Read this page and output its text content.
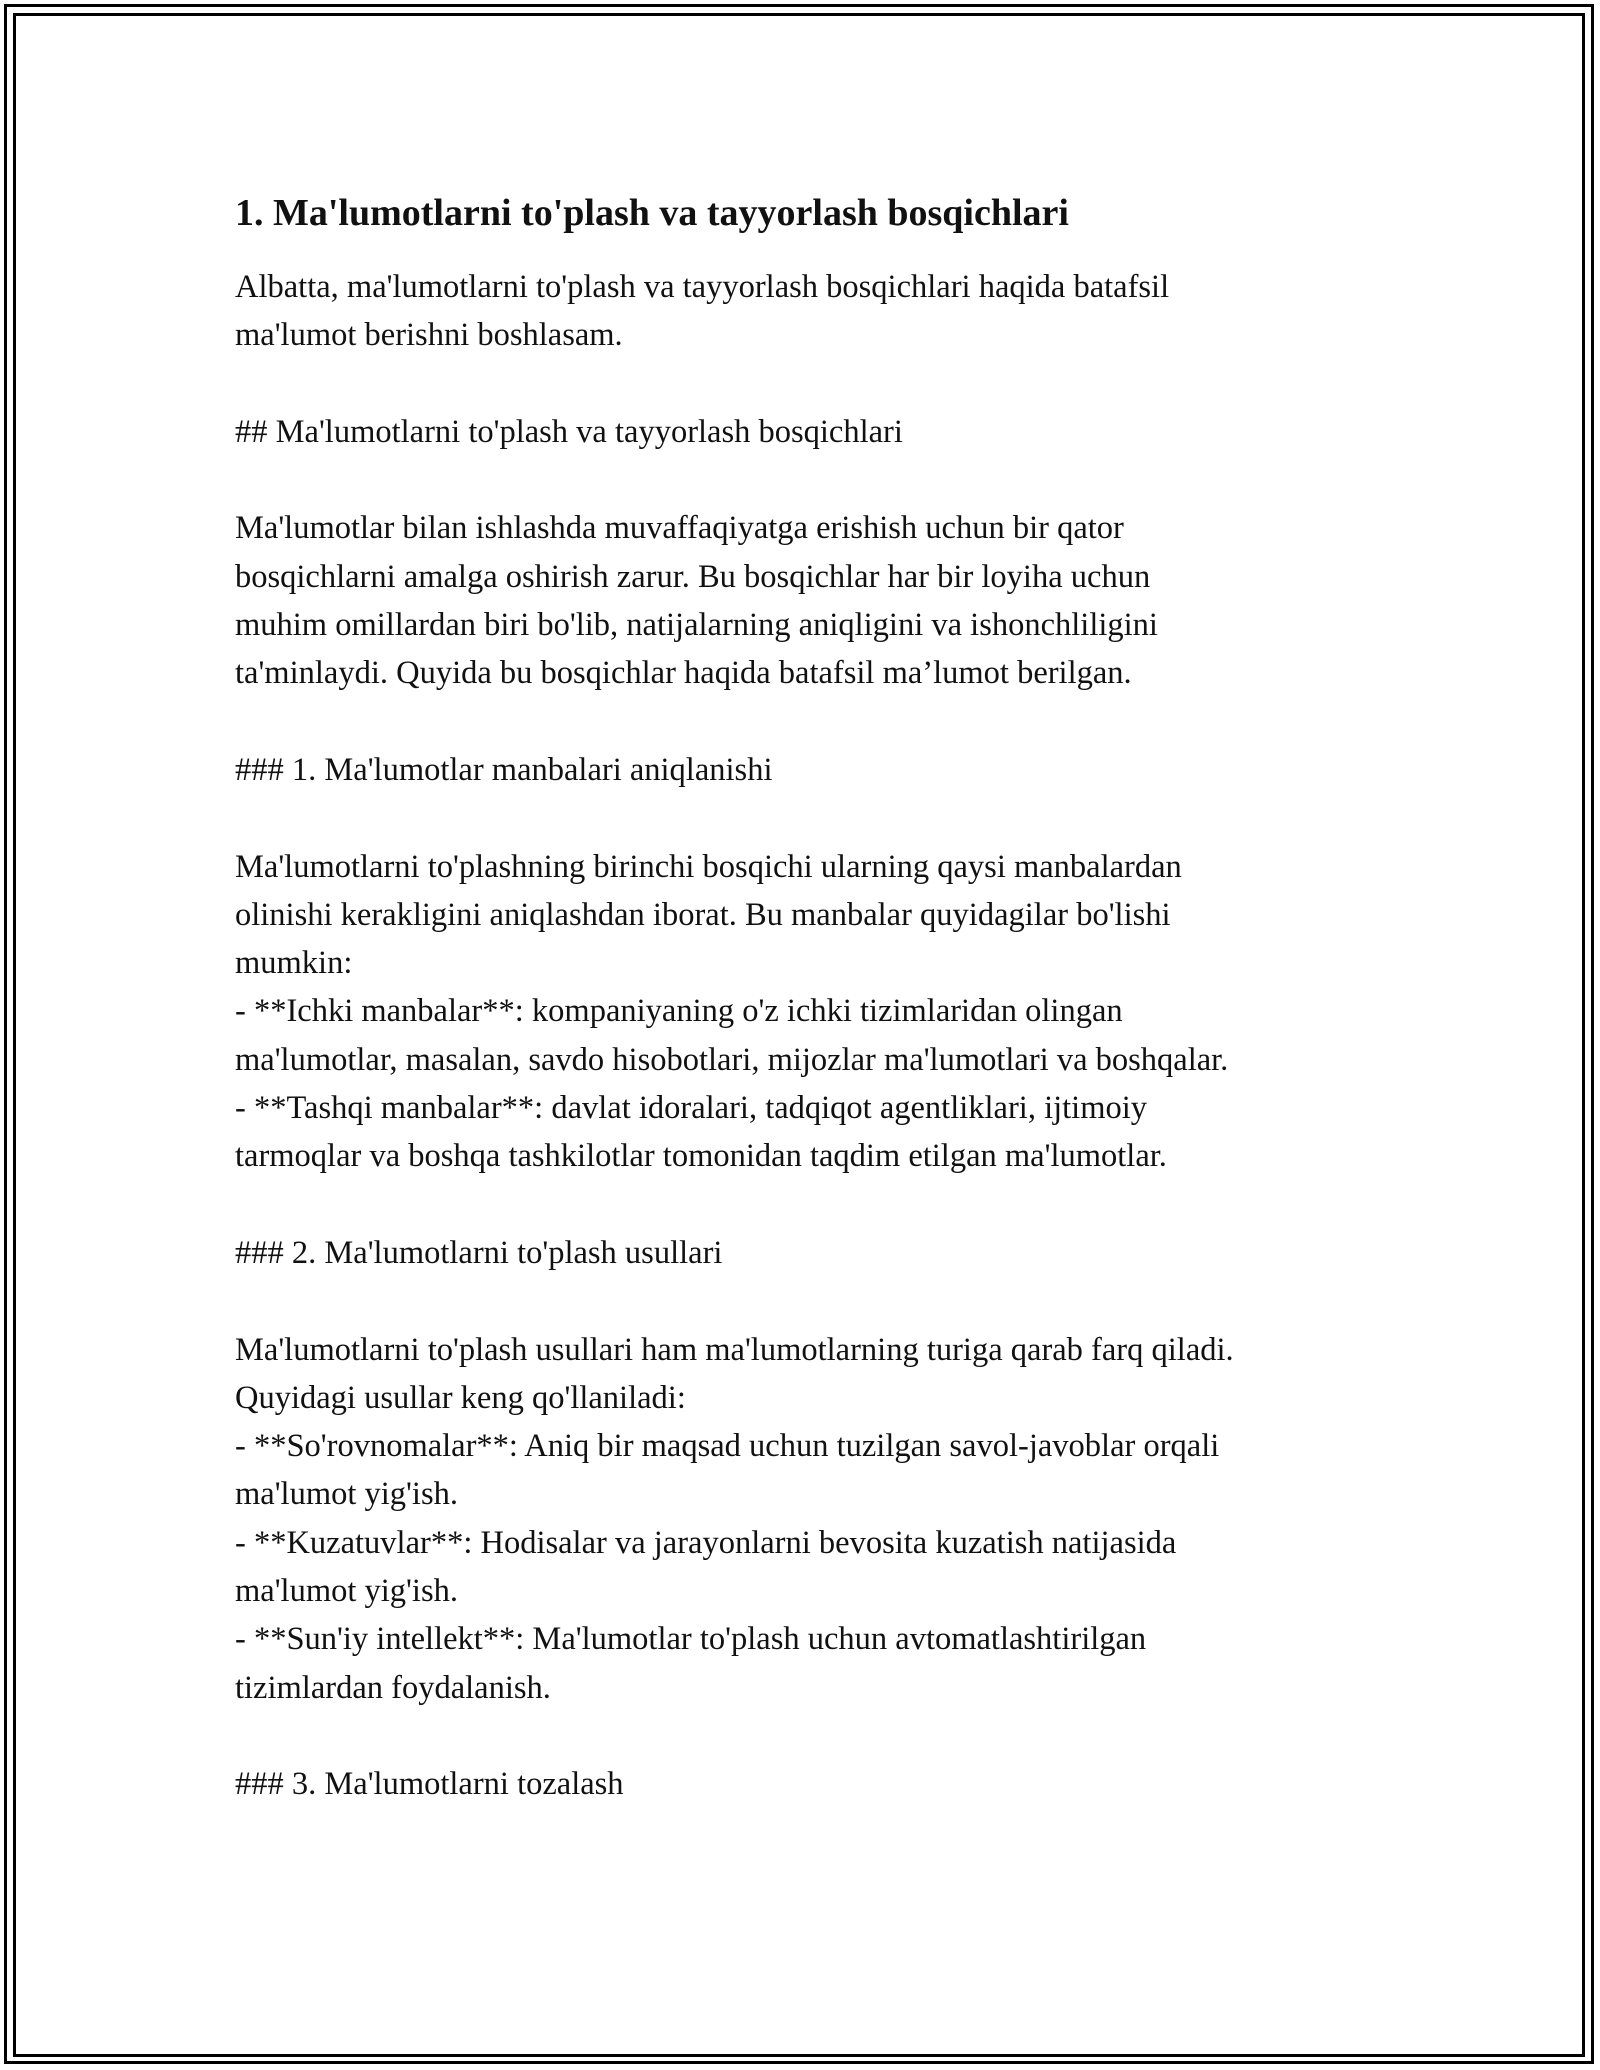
1. Ma'lumotlarni to'plash va tayyorlash bosqichlari
Albatta, ma'lumotlarni to'plash va tayyorlash bosqichlari haqida batafsil
ma'lumot berishni boshlasam.
## Ma'lumotlarni to'plash va tayyorlash bosqichlari
Ma'lumotlar bilan ishlashda muvaffaqiyatga erishish uchun bir qator
bosqichlarni amalga oshirish zarur. Bu bosqichlar har bir loyiha uchun
muhim omillardan biri bo'lib, natijalarning aniqligini va ishonchliligini
ta'minlaydi. Quyida bu bosqichlar haqida batafsil ma’lumot berilgan.
### 1. Ma'lumotlar manbalari aniqlanishi
Ma'lumotlarni to'plashning birinchi bosqichi ularning qaysi manbalardan
olinishi kerakligini aniqlashdan iborat. Bu manbalar quyidagilar bo'lishi
mumkin:
- **Ichki manbalar**: kompaniyaning o'z ichki tizimlaridan olingan
ma'lumotlar, masalan, savdo hisobotlari, mijozlar ma'lumotlari va boshqalar.
- **Tashqi manbalar**: davlat idoralari, tadqiqot agentliklari, ijtimoiy
tarmoqlar va boshqa tashkilotlar tomonidan taqdim etilgan ma'lumotlar.
### 2. Ma'lumotlarni to'plash usullari
Ma'lumotlarni to'plash usullari ham ma'lumotlarning turiga qarab farq qiladi.
Quyidagi usullar keng qo'llaniladi:
- **So'rovnomalar**: Aniq bir maqsad uchun tuzilgan savol-javoblar orqali
ma'lumot yig'ish.
- **Kuzatuvlar**: Hodisalar va jarayonlarni bevosita kuzatish natijasida
ma'lumot yig'ish.
- **Sun'iy intellekt**: Ma'lumotlar to'plash uchun avtomatlashtirilgan
tizimlardan foydalanish.
### 3. Ma'lumotlarni tozalash
